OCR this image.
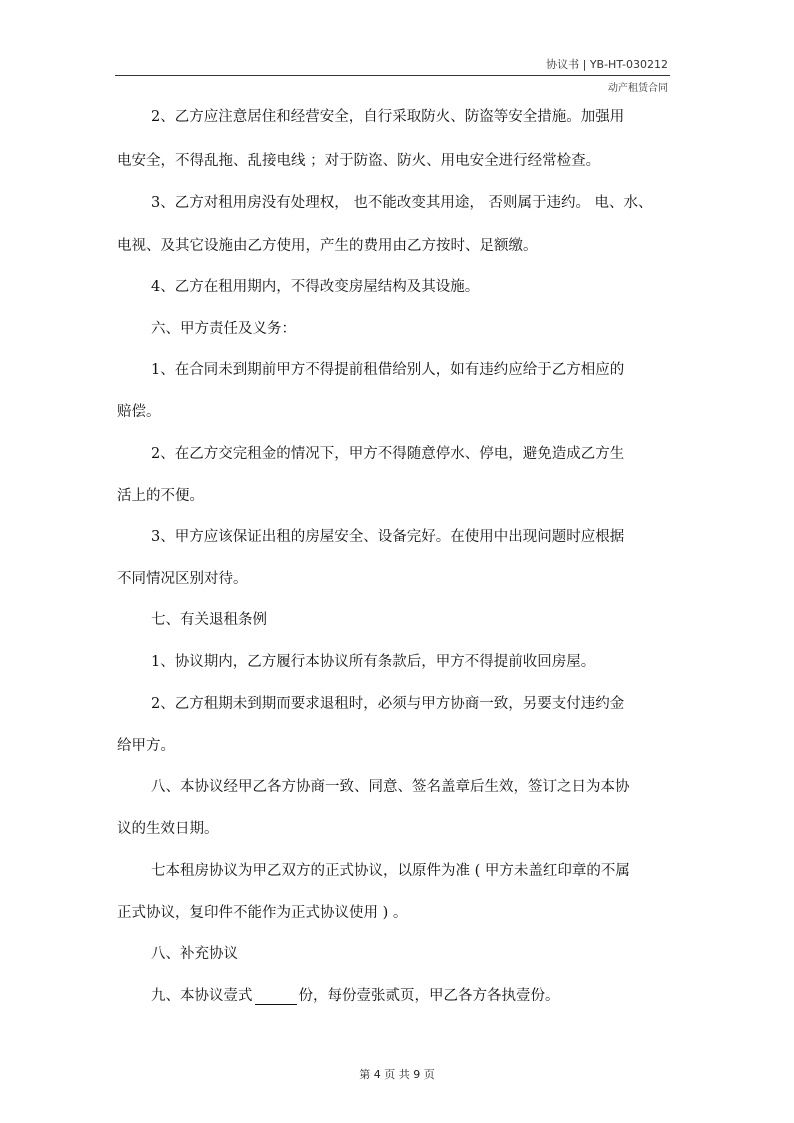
协议书 | YB-HT-030212
动产租赁合同
2、乙方应注意居住和经营安全，自行采取防火、防盗等安全措施。加强用
电安全，不得乱拖、乱接电线 ；对于防盗、防火、用电安全进行经常检查。
3、乙方对租用房没有处理权， 也不能改变其用途， 否则属于违约。 电、水、
电视、及其它设施由乙方使用，产生的费用由乙方按时、足额缴。
4、乙方在租用期内，不得改变房屋结构及其设施。
六、甲方责任及义务：
1、在合同未到期前甲方不得提前租借给别人，如有违约应给于乙方相应的
赔偿。
2、在乙方交完租金的情况下，甲方不得随意停水、停电，避免造成乙方生
活上的不便。
3、甲方应该保证出租的房屋安全、设备完好。在使用中出现问题时应根据
不同情况区别对待。
七、有关退租条例
1、协议期内，乙方履行本协议所有条款后，甲方不得提前收回房屋。
2、乙方租期未到期而要求退租时，必须与甲方协商一致，另要支付违约金
给甲方。
八、本协议经甲乙各方协商一致、同意、签名盖章后生效，签订之日为本协
议的生效日期。
七本租房协议为甲乙双方的正式协议，以原件为准 ( 甲方未盖红印章的不属
正式协议，复印件不能作为正式协议使用 ) 。
八、补充协议
九、本协议壹式	份，每份壹张贰页，甲乙各方各执壹份。
第 4 页 共 9 页
